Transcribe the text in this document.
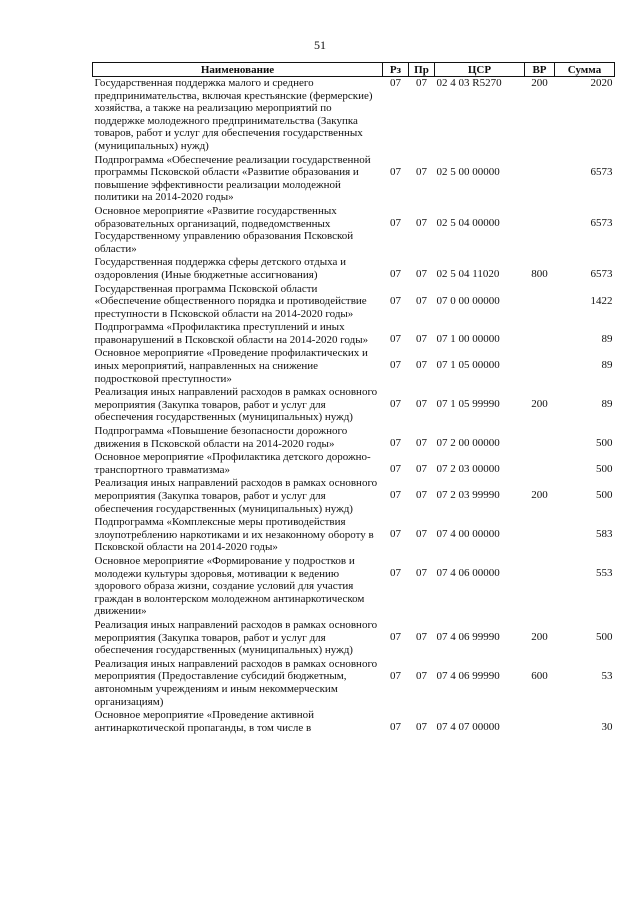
51
Наименование	Рз	Пр	ЦСР	ВР	Сумма
Государственная поддержка малого и среднего предпринимательства, включая крестьянские (фермерские) хозяйства, а также на реализацию мероприятий по поддержке молодежного предпринимательства (Закупка товаров, работ и услуг для обеспечения государственных (муниципальных) нужд)	07	07	02 4 03 R5270	200	2020
Подпрограмма «Обеспечение реализации государственной программы Псковской области «Развитие образования и повышение эффективности реализации молодежной политики на 2014-2020 годы»	07	07	02 5 00 00000		6573
Основное мероприятие «Развитие государственных образовательных организаций, подведомственных Государственному управлению образования Псковской области»	07	07	02 5 04 00000		6573
Государственная поддержка сферы детского отдыха и оздоровления (Иные бюджетные ассигнования)	07	07	02 5 04 11020	800	6573
Государственная программа Псковской области «Обеспечение общественного порядка и противодействие преступности в Псковской области на 2014-2020 годы»	07	07	07 0 00 00000		1422
Подпрограмма «Профилактика преступлений и иных правонарушений в Псковской области на 2014-2020 годы»	07	07	07 1 00 00000		89
Основное мероприятие «Проведение профилактических и иных мероприятий, направленных на снижение подростковой преступности»	07	07	07 1 05 00000		89
Реализация иных направлений расходов в рамках основного мероприятия (Закупка товаров, работ и услуг для обеспечения государственных (муниципальных) нужд)	07	07	07 1 05 99990	200	89
Подпрограмма «Повышение безопасности дорожного движения в Псковской области на 2014-2020 годы»	07	07	07 2 00 00000		500
Основное мероприятие «Профилактика детского дорожно-транспортного травматизма»	07	07	07 2 03 00000		500
Реализация иных направлений расходов в рамках основного мероприятия (Закупка товаров, работ и услуг для обеспечения государственных (муниципальных) нужд)	07	07	07 2 03 99990	200	500
Подпрограмма «Комплексные меры противодействия злоупотреблению наркотиками и их незаконному обороту в Псковской области на 2014-2020 годы»	07	07	07 4 00 00000		583
Основное мероприятие «Формирование у подростков и молодежи культуры здоровья, мотивации к ведению здорового образа жизни, создание условий для участия граждан в волонтерском молодежном антинаркотическом движении»	07	07	07 4 06 00000		553
Реализация иных направлений расходов в рамках основного мероприятия (Закупка товаров, работ и услуг для обеспечения государственных (муниципальных) нужд)	07	07	07 4 06 99990	200	500
Реализация иных направлений расходов в рамках основного мероприятия (Предоставление субсидий бюджетным, автономным учреждениям и иным некоммерческим организациям)	07	07	07 4 06 99990	600	53
Основное мероприятие «Проведение активной антинаркотической пропаганды, в том числе в	07	07	07 4 07 00000		30
